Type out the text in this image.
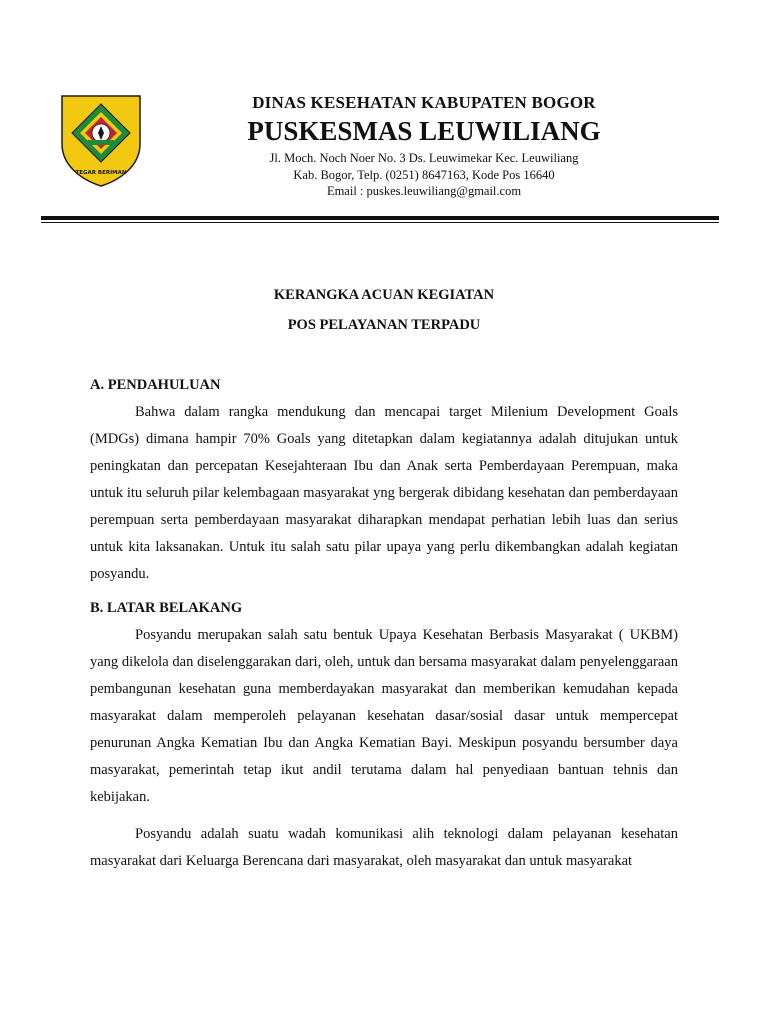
TEGAR BERIMAN
DINAS KESEHATAN KABUPATEN BOGOR
PUSKESMAS LEUWILIANG
Jl. Moch. Noch Noer No. 3 Ds. Leuwimekar Kec. Leuwiliang
Kab. Bogor, Telp. (0251) 8647163, Kode Pos 16640
Email : puskes.leuwiliang@gmail.com
KERANGKA ACUAN KEGIATAN
POS PELAYANAN TERPADU

A. PENDAHULUAN

Bahwa dalam rangka mendukung dan mencapai target Milenium Development Goals (MDGs) dimana hampir 70% Goals yang ditetapkan dalam kegiatannya adalah ditujukan untuk peningkatan dan percepatan Kesejahteraan Ibu dan Anak serta Pemberdayaan Perempuan, maka untuk itu seluruh pilar kelembagaan masyarakat yng bergerak dibidang kesehatan dan pemberdayaan perempuan serta pemberdayaan masyarakat diharapkan mendapat perhatian lebih luas dan serius untuk kita laksanakan. Untuk itu salah satu pilar upaya yang perlu dikembangkan adalah kegiatan posyandu.

B. LATAR BELAKANG

Posyandu merupakan salah satu bentuk Upaya Kesehatan Berbasis Masyarakat ( UKBM) yang dikelola dan diselenggarakan dari, oleh, untuk dan bersama masyarakat dalam penyelenggaraan pembangunan kesehatan guna memberdayakan masyarakat dan memberikan kemudahan kepada masyarakat dalam memperoleh pelayanan kesehatan dasar/sosial dasar untuk mempercepat penurunan Angka Kematian Ibu dan Angka Kematian Bayi. Meskipun posyandu bersumber daya masyarakat, pemerintah tetap ikut andil terutama dalam hal penyediaan bantuan tehnis dan kebijakan.

Posyandu adalah suatu wadah komunikasi alih teknologi dalam pelayanan kesehatan masyarakat dari Keluarga Berencana dari masyarakat, oleh masyarakat dan untuk masyarakat
